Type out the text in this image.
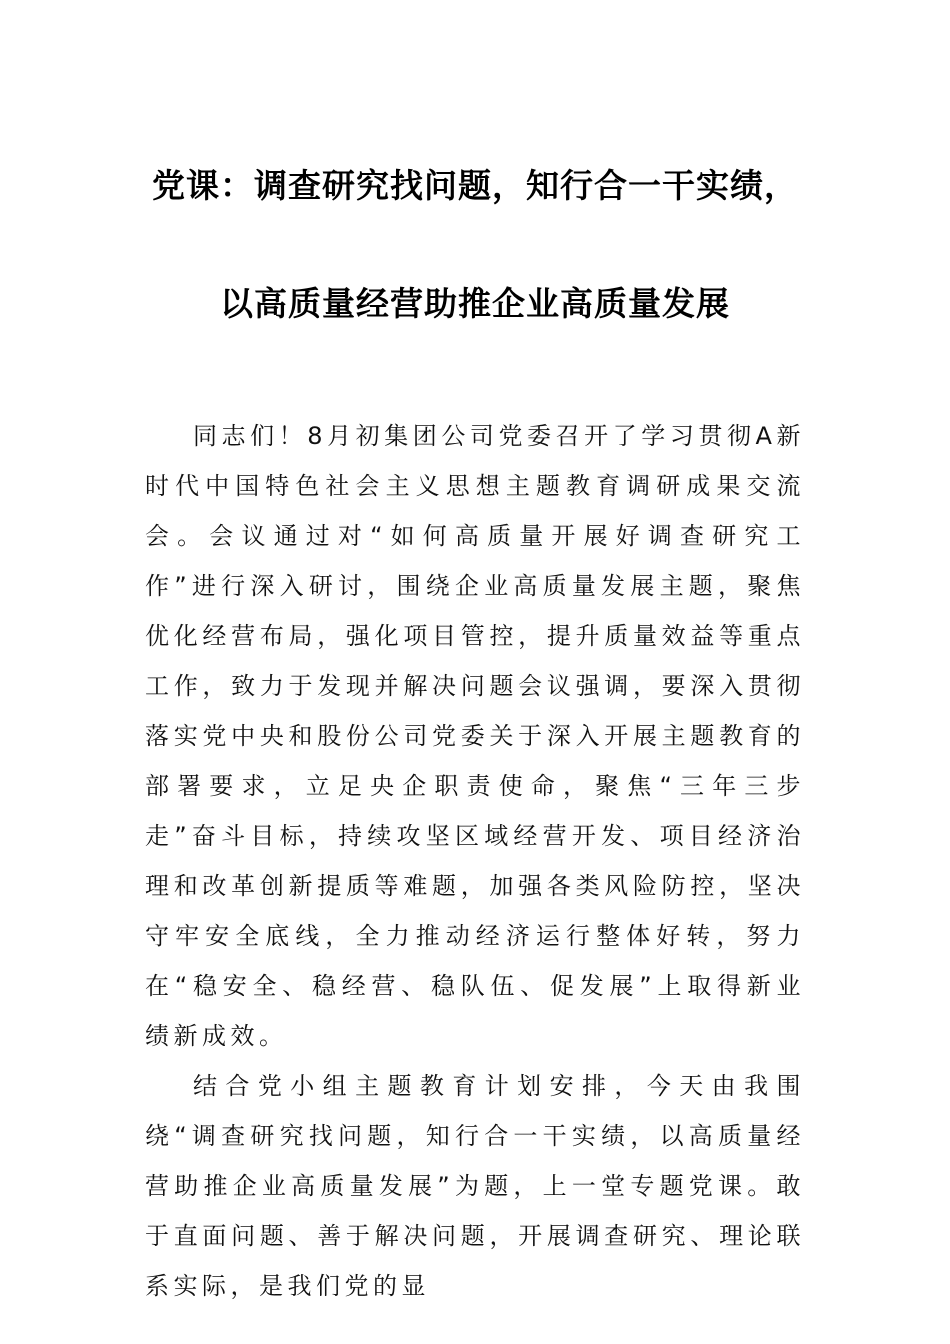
党课：调查研究找问题，知行合一干实绩，
以高质量经营助推企业高质量发展

同志们！8月初集团公司党委召开了学习贯彻A新时代中国特色社会主义思想主题教育调研成果交流会。会议通过对“如何高质量开展好调查研究工作”进行深入研讨，围绕企业高质量发展主题，聚焦优化经营布局，强化项目管控，提升质量效益等重点工作，致力于发现并解决问题会议强调，要深入贯彻落实党中央和股份公司党委关于深入开展主题教育的部署要求，立足央企职责使命，聚焦“三年三步走”奋斗目标，持续攻坚区域经营开发、项目经济治理和改革创新提质等难题，加强各类风险防控，坚决守牢安全底线，全力推动经济运行整体好转，努力在“稳安全、稳经营、稳队伍、促发展”上取得新业绩新成效。

结合党小组主题教育计划安排，今天由我围绕“调查研究找问题，知行合一干实绩，以高质量经营助推企业高质量发展”为题，上一堂专题党课。敢于直面问题、善于解决问题，开展调查研究、理论联系实际，是我们党的显
